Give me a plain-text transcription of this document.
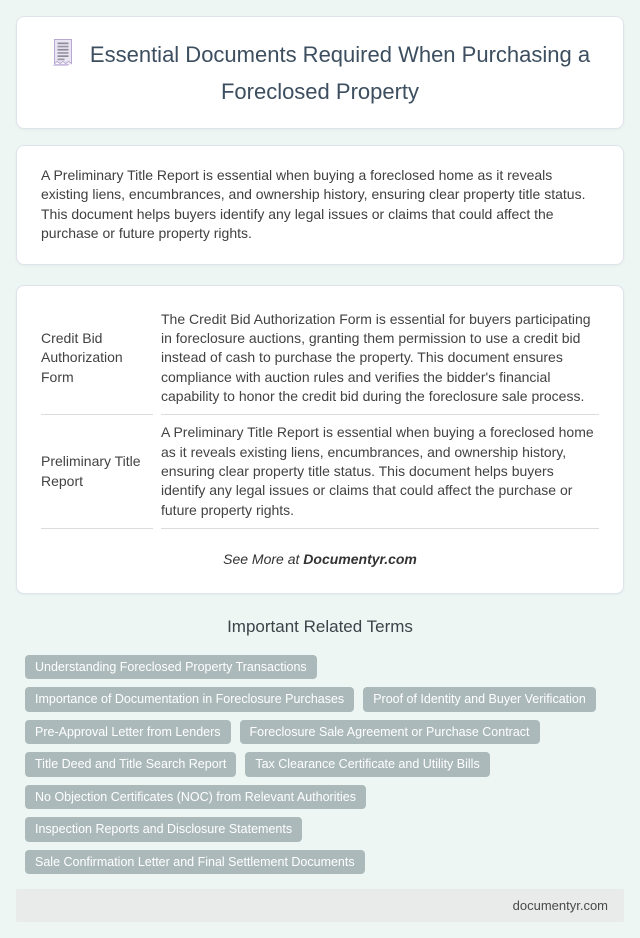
Essential Documents Required When Purchasing a Foreclosed Property

A Preliminary Title Report is essential when buying a foreclosed home as it reveals existing liens, encumbrances, and ownership history, ensuring clear property title status. This document helps buyers identify any legal issues or claims that could affect the purchase or future property rights.

Credit Bid Authorization Form	The Credit Bid Authorization Form is essential for buyers participating in foreclosure auctions, granting them permission to use a credit bid instead of cash to purchase the property. This document ensures compliance with auction rules and verifies the bidder's financial capability to honor the credit bid during the foreclosure sale process.
Preliminary Title Report	A Preliminary Title Report is essential when buying a foreclosed home as it reveals existing liens, encumbrances, and ownership history, ensuring clear property title status. This document helps buyers identify any legal issues or claims that could affect the purchase or future property rights.
See More at Documentyr.com
Important Related Terms
Understanding Foreclosed Property Transactions
Importance of Documentation in Foreclosure Purchases	Proof of Identity and Buyer Verification
Pre-Approval Letter from Lenders	Foreclosure Sale Agreement or Purchase Contract
Title Deed and Title Search Report	Tax Clearance Certificate and Utility Bills
No Objection Certificates (NOC) from Relevant Authorities
Inspection Reports and Disclosure Statements
Sale Confirmation Letter and Final Settlement Documents
documentyr.com
